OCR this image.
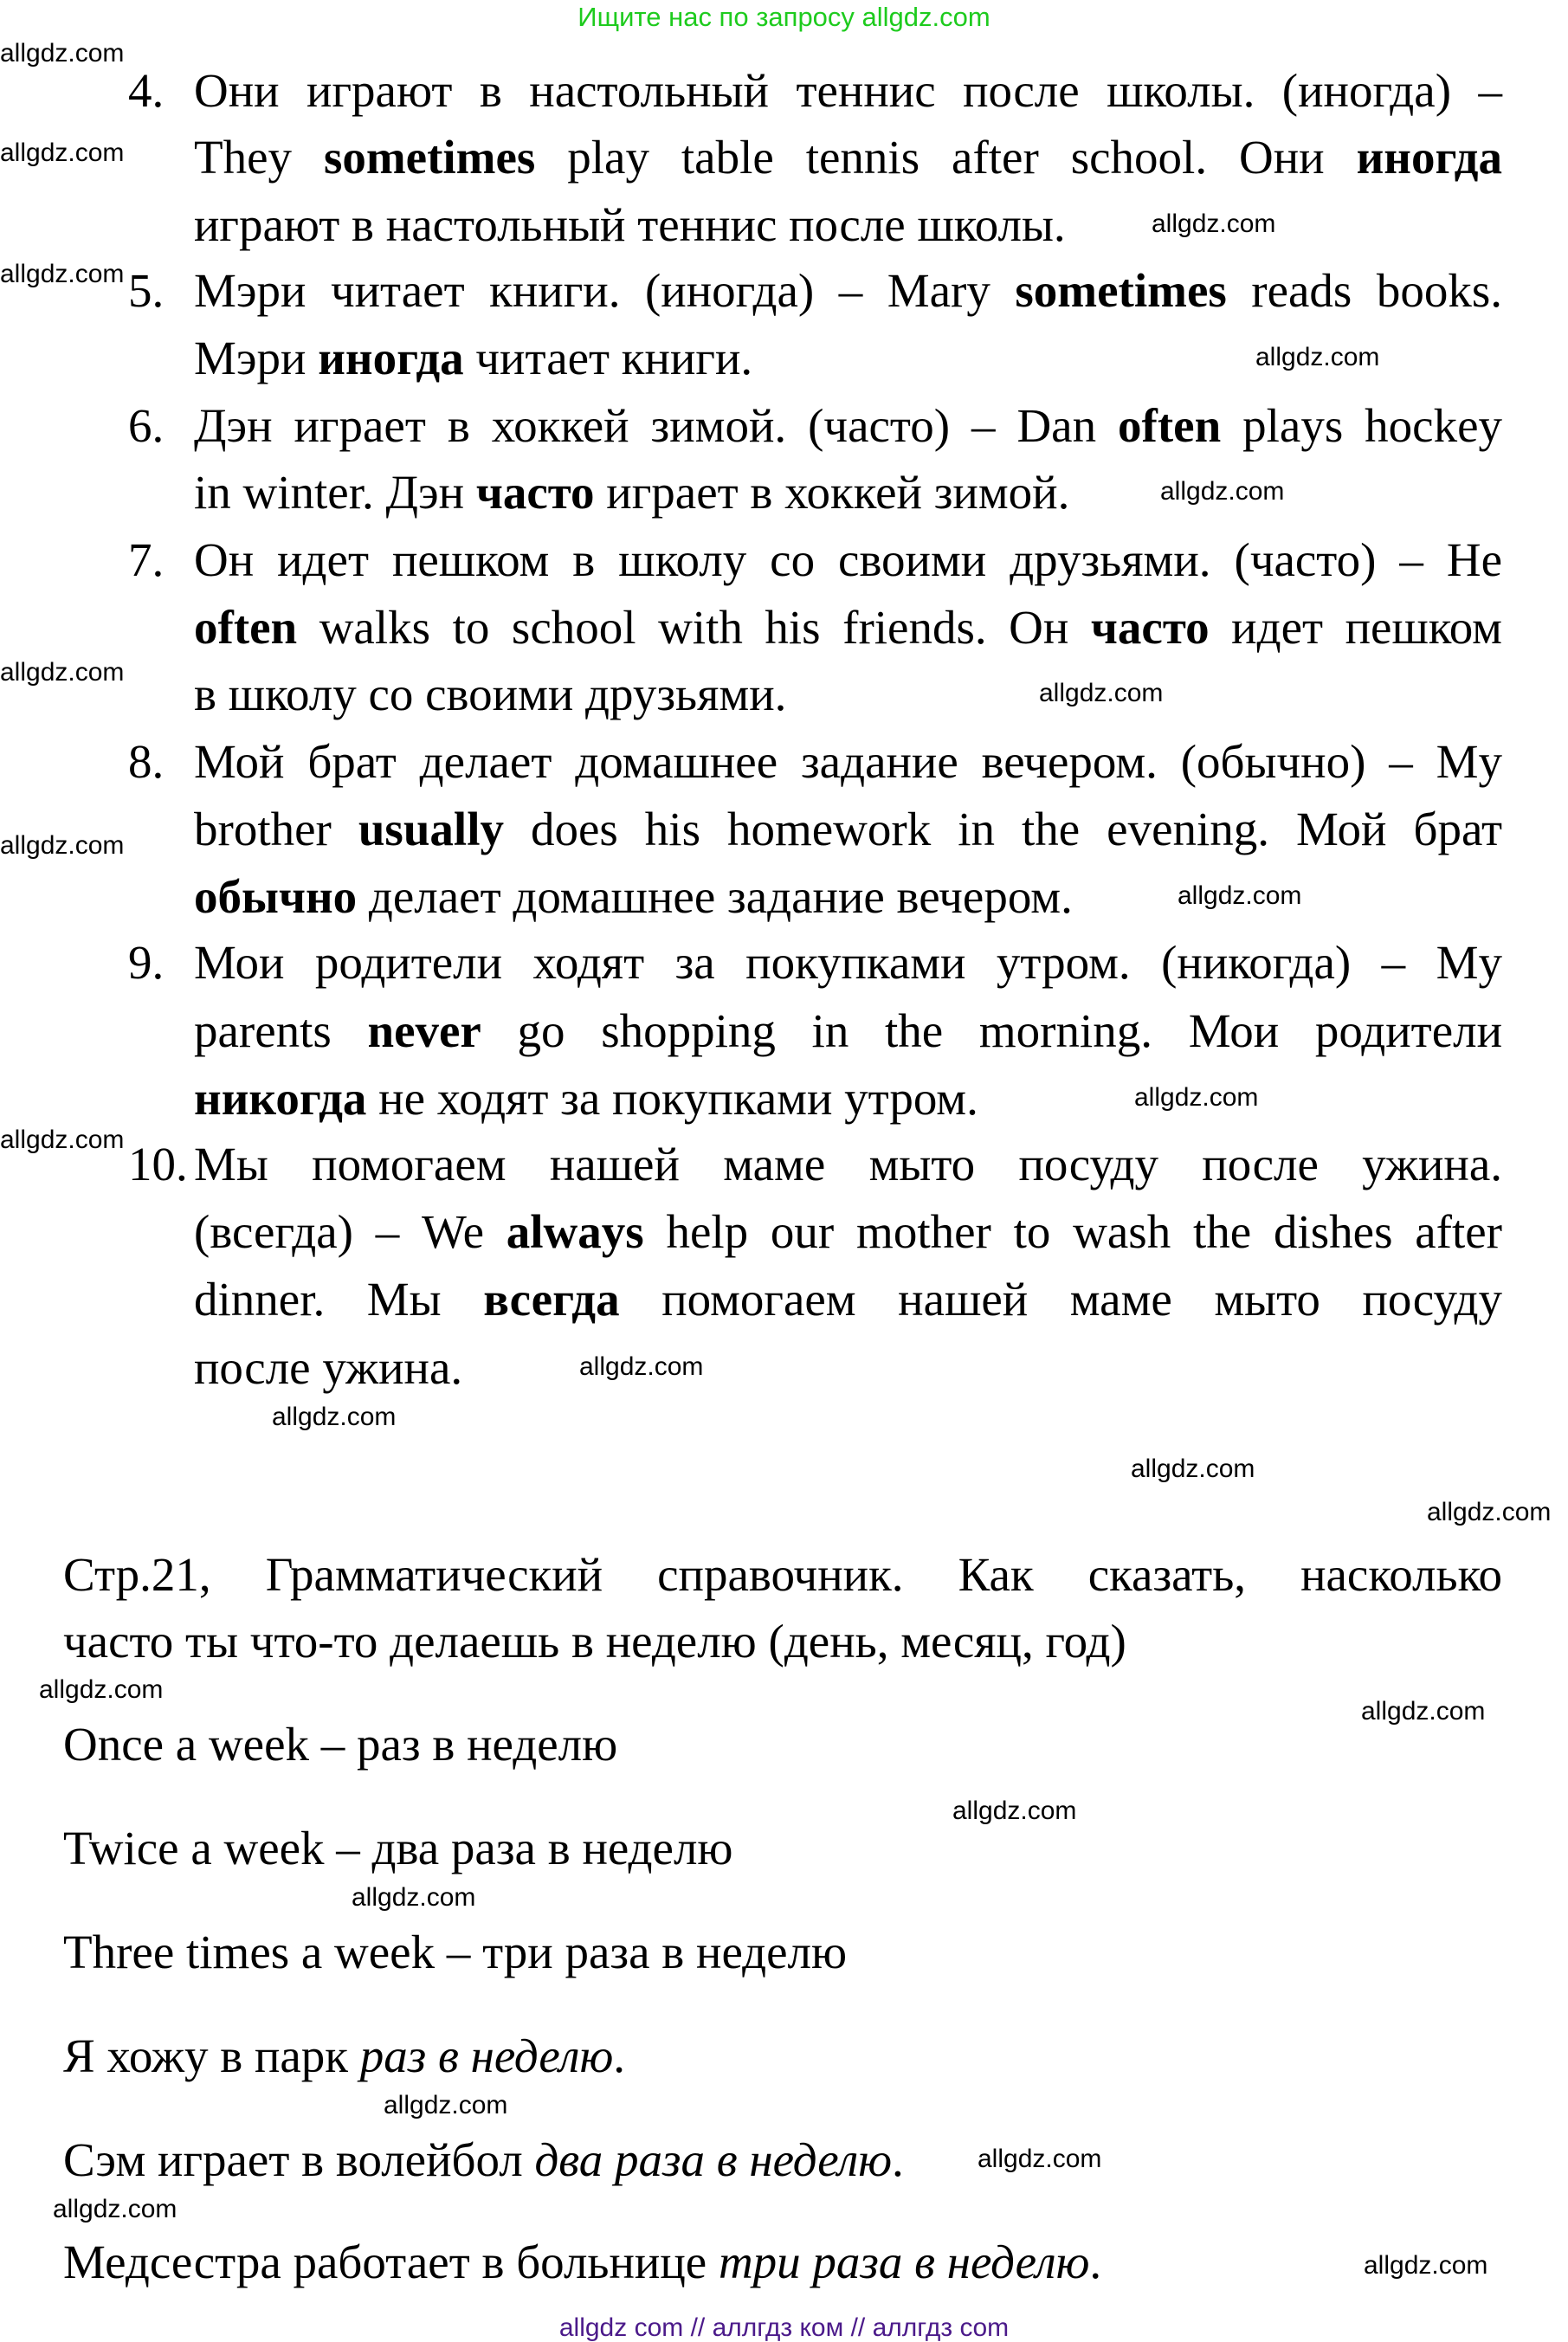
Ищите нас по запросу allgdz.com
4. Они играют в настольный теннис после школы. (иногда) –
They sometimes play table tennis after school. Они иногда
играют в настольный теннис после школы.
5. Мэри читает книги. (иногда) – Mary sometimes reads books.
Мэри иногда читает книги.
6. Дэн играет в хоккей зимой. (часто) – Dan often plays hockey
in winter. Дэн часто играет в хоккей зимой.
7. Он идет пешком в школу со своими друзьями. (часто) – He
often walks to school with his friends. Он часто идет пешком
в школу со своими друзьями.
8. Мой брат делает домашнее задание вечером. (обычно) – My
brother usually does his homework in the evening. Мой брат
обычно делает домашнее задание вечером.
9. Мои родители ходят за покупками утром. (никогда) – My
parents never go shopping in the morning. Мои родители
никогда не ходят за покупками утром.
10. Мы помогаем нашей маме мыто посуду после ужина.
(всегда) – We always help our mother to wash the dishes after
dinner. Мы всегда помогаем нашей маме мыто посуду
после ужина.
Стр.21, Грамматический справочник. Как сказать, насколько
часто ты что-то делаешь в неделю (день, месяц, год)
Once a week – раз в неделю
Twice a week – два раза в неделю
Three times a week – три раза в неделю
Я хожу в парк раз в неделю.
Сэм играет в волейбол два раза в неделю.
Медсестра работает в больнице три раза в неделю.
allgdz.com
allgdz.com
allgdz.com
allgdz.com
allgdz.com
allgdz.com
allgdz.com
allgdz.com
allgdz.com
allgdz.com
allgdz.com
allgdz.com
allgdz.com
allgdz.com
allgdz.com
allgdz.com
allgdz.com
allgdz.com
allgdz.com
allgdz.com
allgdz.com
allgdz.com
allgdz.com
allgdz.com
allgdz com // аллгдз ком // аллгдз com
